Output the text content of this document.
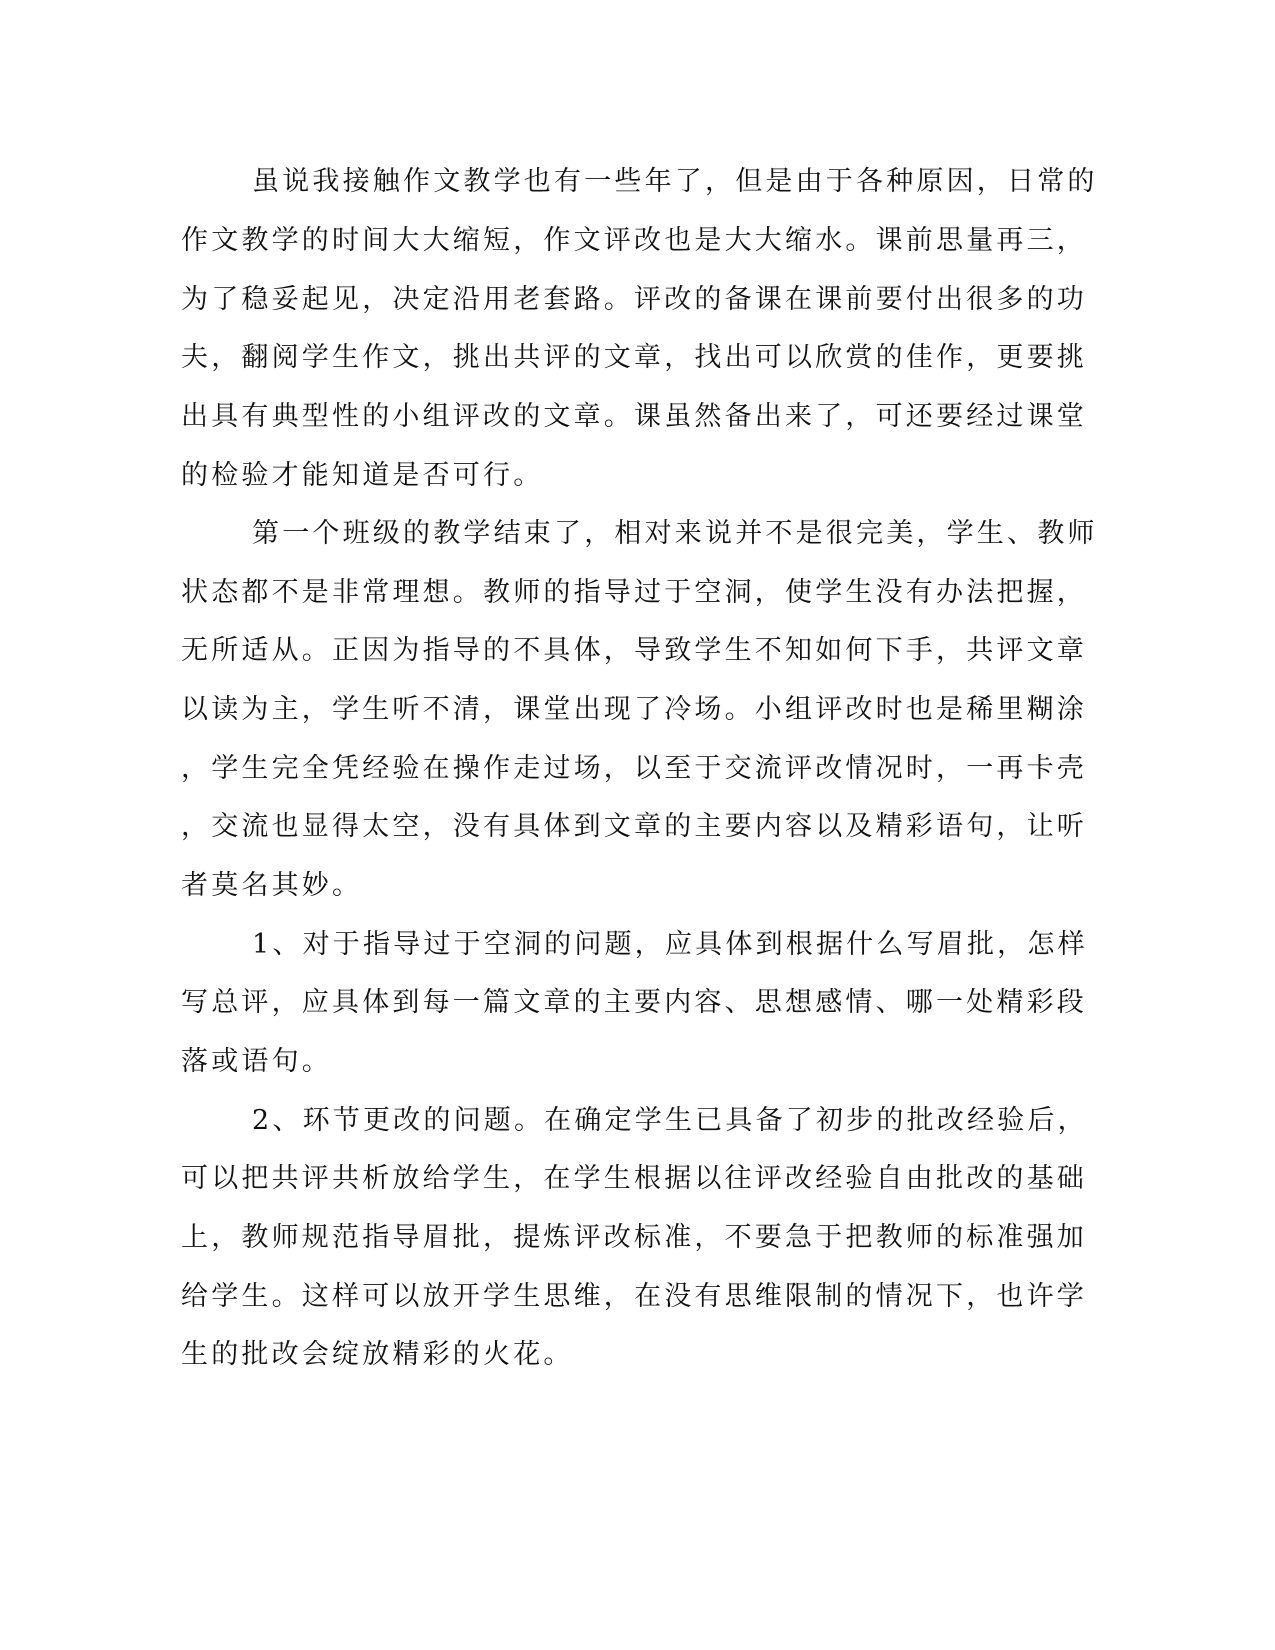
虽说我接触作文教学也有一些年了，但是由于各种原因，日常的

作文教学的时间大大缩短，作文评改也是大大缩水。课前思量再三，

为了稳妥起见，决定沿用老套路。评改的备课在课前要付出很多的功

夫，翻阅学生作文，挑出共评的文章，找出可以欣赏的佳作，更要挑

出具有典型性的小组评改的文章。课虽然备出来了，可还要经过课堂

的检验才能知道是否可行。

第一个班级的教学结束了，相对来说并不是很完美，学生、教师

状态都不是非常理想。教师的指导过于空洞，使学生没有办法把握，

无所适从。正因为指导的不具体，导致学生不知如何下手，共评文章

以读为主，学生听不清，课堂出现了冷场。小组评改时也是稀里糊涂

，学生完全凭经验在操作走过场，以至于交流评改情况时，一再卡壳

，交流也显得太空，没有具体到文章的主要内容以及精彩语句，让听

者莫名其妙。

1、对于指导过于空洞的问题，应具体到根据什么写眉批，怎样

写总评，应具体到每一篇文章的主要内容、思想感情、哪一处精彩段

落或语句。

2、环节更改的问题。在确定学生已具备了初步的批改经验后，

可以把共评共析放给学生，在学生根据以往评改经验自由批改的基础

上，教师规范指导眉批，提炼评改标准，不要急于把教师的标准强加

给学生。这样可以放开学生思维，在没有思维限制的情况下，也许学

生的批改会绽放精彩的火花。
